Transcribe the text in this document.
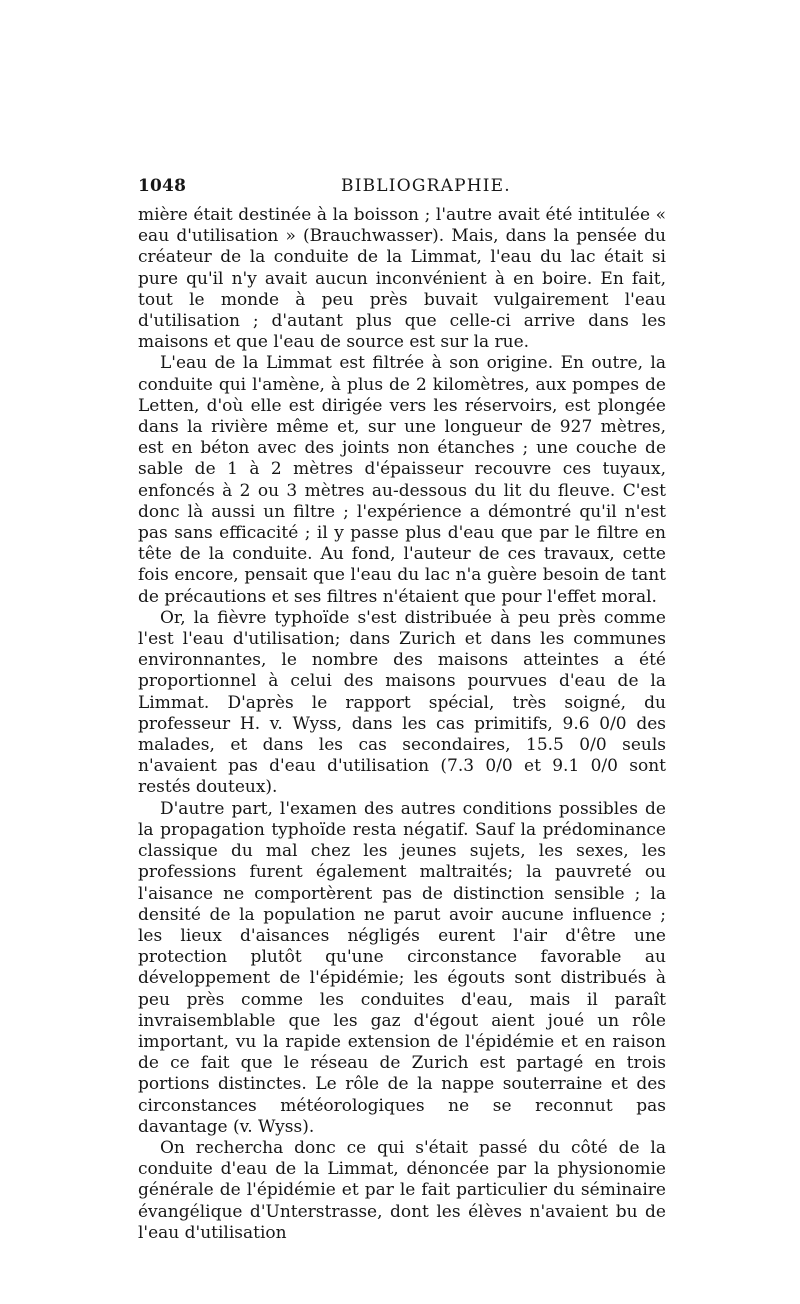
1048	BIBLIOGRAPHIE.

mière était destinée à la boisson ; l'autre avait été intitulée « eau d'utilisation » (Brauchwasser). Mais, dans la pensée du créateur de la conduite de la Limmat, l'eau du lac était si pure qu'il n'y avait aucun inconvénient à en boire. En fait, tout le monde à peu près buvait vulgairement l'eau d'utilisation ; d'autant plus que celle-ci arrive dans les maisons et que l'eau de source est sur la rue.

L'eau de la Limmat est filtrée à son origine. En outre, la conduite qui l'amène, à plus de 2 kilomètres, aux pompes de Letten, d'où elle est dirigée vers les réservoirs, est plongée dans la rivière même et, sur une longueur de 927 mètres, est en béton avec des joints non étanches ; une couche de sable de 1 à 2 mètres d'épaisseur recouvre ces tuyaux, enfoncés à 2 ou 3 mètres au-dessous du lit du fleuve. C'est donc là aussi un filtre ; l'expérience a démontré qu'il n'est pas sans efficacité ; il y passe plus d'eau que par le filtre en tête de la conduite. Au fond, l'auteur de ces travaux, cette fois encore, pensait que l'eau du lac n'a guère besoin de tant de précautions et ses filtres n'étaient que pour l'effet moral.

Or, la fièvre typhoïde s'est distribuée à peu près comme l'est l'eau d'utilisation; dans Zurich et dans les communes environnantes, le nombre des maisons atteintes a été proportionnel à celui des maisons pourvues d'eau de la Limmat. D'après le rapport spécial, très soigné, du professeur H. v. Wyss, dans les cas primitifs, 9.6 0/0 des malades, et dans les cas secondaires, 15.5 0/0 seuls n'avaient pas d'eau d'utilisation (7.3 0/0 et 9.1 0/0 sont restés douteux).

D'autre part, l'examen des autres conditions possibles de la propagation typhoïde resta négatif. Sauf la prédominance classique du mal chez les jeunes sujets, les sexes, les professions furent également maltraités; la pauvreté ou l'aisance ne comportèrent pas de distinction sensible ; la densité de la population ne parut avoir aucune influence ; les lieux d'aisances négligés eurent l'air d'être une protection plutôt qu'une circonstance favorable au développement de l'épidémie; les égouts sont distribués à peu près comme les conduites d'eau, mais il paraît invraisemblable que les gaz d'égout aient joué un rôle important, vu la rapide extension de l'épidémie et en raison de ce fait que le réseau de Zurich est partagé en trois portions distinctes. Le rôle de la nappe souterraine et des circonstances météorologiques ne se reconnut pas davantage (v. Wyss).

On rechercha donc ce qui s'était passé du côté de la conduite d'eau de la Limmat, dénoncée par la physionomie générale de l'épidémie et par le fait particulier du séminaire évangélique d'Unterstrasse, dont les élèves n'avaient bu de l'eau d'utilisation
